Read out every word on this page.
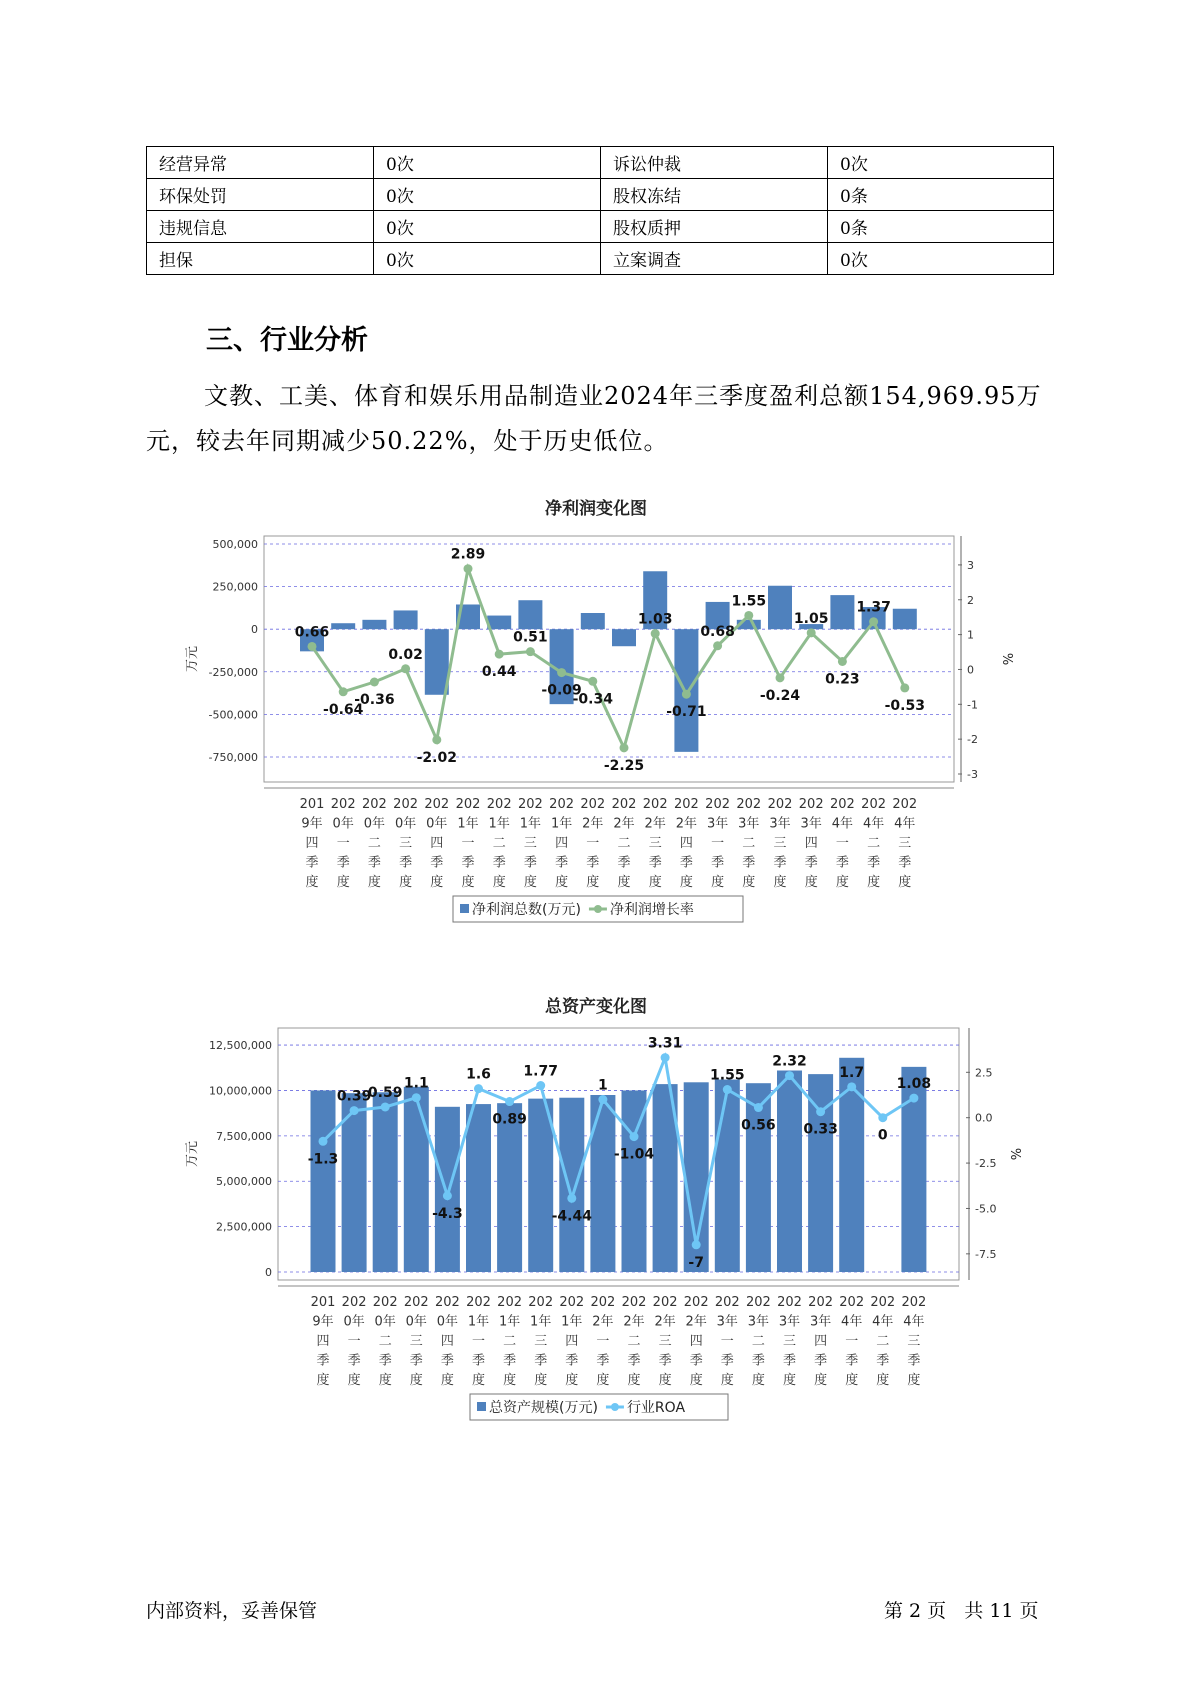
经营异常	0次	诉讼仲裁	0次
环保处罚	0次	股权冻结	0条
违规信息	0次	股权质押	0条
担保	0次	立案调查	0次
三、行业分析

文教、工美、体育和娱乐用品制造业2024年三季度盈利总额154,969.95万元，较去年同期减少50.22%，处于历史低位。

净利润变化图
500,000
250,000
0
-250,000
-500,000
-750,000
3
2
1
0
-1
-2
-3
万元	%
0.66
-0.64
-0.36
0.02
-2.02
2.89
0.44
0.51
-0.09
-0.34
-2.25
1.03
-0.71
0.68
1.55
-0.24
1.05
0.23
1.37
-0.53
201 9年四季度
202 0年一季度
202 0年二季度
202 0年三季度
202 0年四季度
202 1年一季度
202 1年二季度
202 1年三季度
202 1年四季度
202 2年一季度
202 2年二季度
202 2年三季度
202 2年四季度
202 3年一季度
202 3年二季度
202 3年三季度
202 3年四季度
202 4年一季度
202 4年二季度
202 4年三季度
净利润总数(万元) 净利润增长率
总资产变化图
12,500,000
10,000,000
7,500,000
5,000,000
2,500,000
0
2.5
0.0
-2.5
-5.0
-7.5
万元	%
-1.3
0.39
0.59
1.1
-4.3
1.6
0.89
1.77
-4.44
1
-1.04
3.31
-7
1.55
0.56
2.32
0.33
1.7
0
1.08
201 9年四季度
202 0年一季度
202 0年二季度
202 0年三季度
202 0年四季度
202 1年一季度
202 1年二季度
202 1年三季度
202 1年四季度
202 2年一季度
202 2年二季度
202 2年三季度
202 2年四季度
202 3年一季度
202 3年二季度
202 3年三季度
202 3年四季度
202 4年一季度
202 4年二季度
202 4年三季度
总资产规模(万元) 行业ROA
内部资料，妥善保管	第 2 页   共 11 页
